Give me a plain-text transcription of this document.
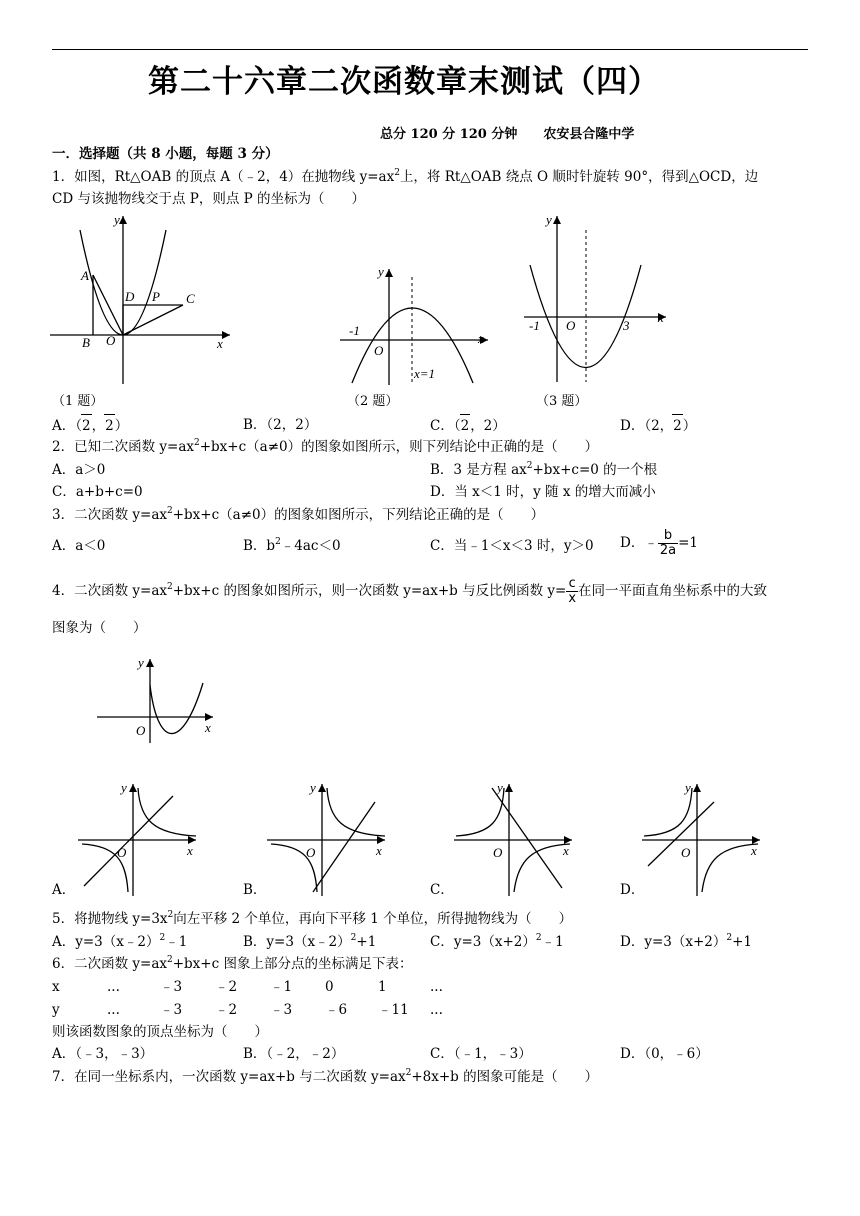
第二十六章二次函数章末测试（四）
总分 120 分 120 分钟 农安县合隆中学
一．选择题（共 8 小题，每题 3 分）
1．如图，Rt△OAB 的顶点 A（﹣2，4）在抛物线 $y=ax^2$上，将 Rt△OAB 绕点 O 顺时针旋转 90°，得到△OCD，边
CD 与该抛物线交于点 P，则点 P 的坐标为（　　）
y
x
A
B O
D P C
（1 题）
y
x
-1
O
x=1
（2 题）
y
x
-1 O	3
（3 题）
A．（2，2）	B．（2，2）	C．（2，2）	D．（2，2）
2．已知二次函数 $y=ax^2+bx+c(a\ne 0)$的图象如图所示，则下列结论中正确的是（　　）
A．a＞0	B．3 是方程 $ax^2+bx+c=0$ 的一个根
C．a+b+c=0	D．当 x＜1 时，y 随 x 的增大而减小
3．二次函数 $y=ax^2+bx+c(a\ne 0)$的图象如图所示，下列结论正确的是（　　）
A．a＜0	B．$b^2﹣4ac<0$	C．当﹣1＜x＜3 时，y＞0 D．﹣ $\frac{b}{2a} =1$
4．二次函数 $y=ax^2+bx+c$ 的图象如图所示，则一次函数 y=ax+b 与反比例函数 $y= \frac{c}{x}$ 在同一平面直角坐标系中的大致
图象为（　　）
y
x
O
y
x
O
y
x
O
y
x
O
y
x
O
A．	B．	C．	D．
5．将抛物线 $y=3x^2$向左平移 2 个单位，再向下平移 1 个单位，所得抛物线为（　　）
A．y=3（x﹣2）$^2$﹣1	B．y=3（x﹣2）$^2$+1	C．$y=3(x+2)^2﹣1$	D．$y=3(x+2)^2+1$
6．二次函数 $y=ax^2+bx+c$ 图象上部分点的坐标满足下表：
x	...	﹣3 ﹣2 ﹣1 0	1	...
y	...	﹣3 ﹣2 ﹣3 ﹣6 ﹣11 ...
则该函数图象的顶点坐标为（　　）
A．（﹣3，﹣3）	B．（﹣2，﹣2）	C．（﹣1，﹣3）	D．（0，﹣6）
7．在同一坐标系内，一次函数 y=ax+b 与二次函数 $y=ax^2+8x+b$ 的图象可能是（　　）
